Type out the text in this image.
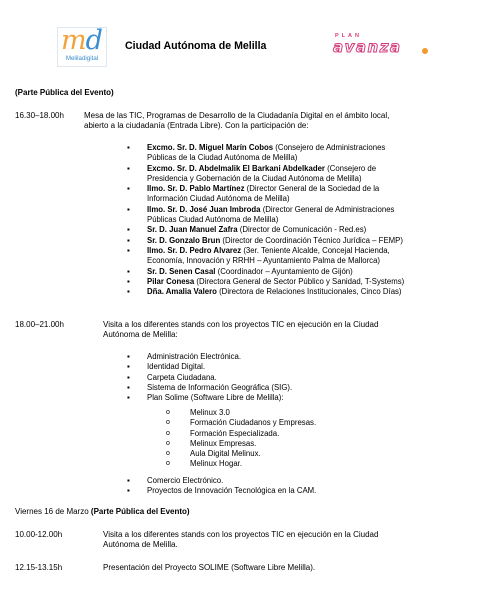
md
Meliladigital
Ciudad Autónoma de Melilla
PLAN
avanza
(Parte Pública del Evento)
16.30–18.00h	Mesa de las TIC, Programas de Desarrollo de la Ciudadanía Digital en el ámbito local,
abierto a la ciudadanía (Entrada Libre). Con la participación de:
▪ Excmo. Sr. D. Miguel Marín Cobos (Consejero de Administraciones
Públicas de la Ciudad Autónoma de Melilla)
▪ Excmo. Sr. D. Abdelmalik El Barkani Abdelkader (Consejero de
Presidencia y Gobernación de la Ciudad Autónoma de Melilla)
▪ Ilmo. Sr. D. Pablo Martínez (Director General de la Sociedad de la
Información Ciudad Autónoma de Melilla)
▪ Ilmo. Sr. D. José Juan Imbroda (Director General de Administraciones
Públicas Ciudad Autónoma de Melilla)
▪ Sr. D. Juan Manuel Zafra (Director de Comunicación - Red.es)
▪ Sr. D. Gonzalo Brun (Director de Coordinación Técnico Jurídica – FEMP)
▪ Ilmo. Sr. D. Pedro Alvarez (3er. Teniente Alcalde, Concejal Hacienda,
Economía, Innovación y RRHH – Ayuntamiento Palma de Mallorca)
▪ Sr. D. Senen Casal (Coordinador – Ayuntamiento de Gijón)
▪ Pilar Conesa (Directora General de Sector Público y Sanidad, T-Systems)
▪ Dña. Amalia Valero (Directora de Relaciones Institucionales, Cinco Días)
18.00–21.00h	Visita a los diferentes stands con los proyectos TIC en ejecución en la Ciudad
Autónoma de Melilla:
▪ Administración Electrónica.
▪ Identidad Digital.
▪ Carpeta Ciudadana.
▪ Sistema de Información Geográfica (SIG).
▪ Plan Solime (Software Libre de Melilla):
o	Melinux 3.0
o	Formación Ciudadanos y Empresas.
o	Formación Especializada.
o	Melinux Empresas.
o	Aula Digital Melinux.
o	Melinux Hogar.
▪ Comercio Electrónico.
▪ Proyectos de Innovación Tecnológica en la CAM.
Viernes 16 de Marzo (Parte Pública del Evento)
10.00-12.00h	Visita a los diferentes stands con los proyectos TIC en ejecución en la Ciudad
Autónoma de Melilla.
12.15-13.15h	Presentación del Proyecto SOLIME (Software Libre Melilla).
